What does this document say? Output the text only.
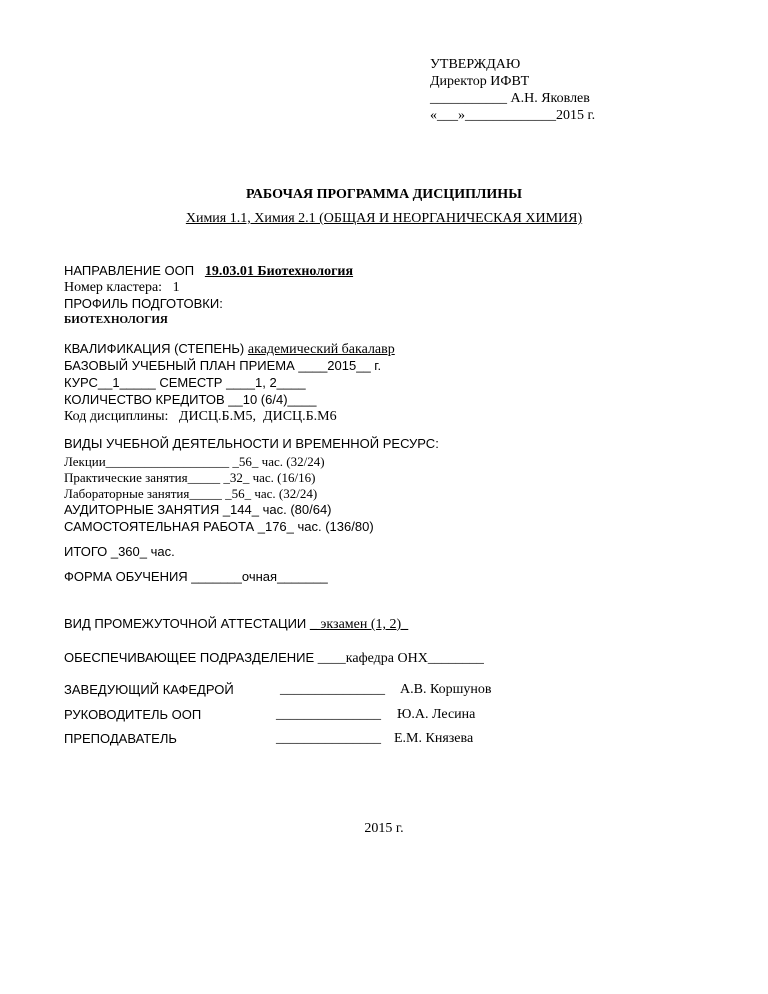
УТВЕРЖДАЮ
Директор ИФВТ
___________ А.Н. Яковлев
«___»_____________2015 г.
РАБОЧАЯ ПРОГРАММА ДИСЦИПЛИНЫ
Химия 1.1, Химия 2.1 (ОБЩАЯ И НЕОРГАНИЧЕСКАЯ ХИМИЯ)
НАПРАВЛЕНИЕ ООП 19.03.01 Биотехнология
Номер кластера:   1
ПРОФИЛЬ ПОДГОТОВКИ:
БИОТЕХНОЛОГИЯ
КВАЛИФИКАЦИЯ (СТЕПЕНЬ) академический бакалавр
БАЗОВЫЙ УЧЕБНЫЙ ПЛАН ПРИЕМА ____2015__ г.
КУРС__1_____ СЕМЕСТР ____1, 2____
КОЛИЧЕСТВО КРЕДИТОВ __10 (6/4)____
Код дисциплины:   ДИСЦ.Б.М5,  ДИСЦ.Б.М6
ВИДЫ УЧЕБНОЙ ДЕЯТЕЛЬНОСТИ И ВРЕМЕННОЙ РЕСУРС:
Лекции___________________ _56_ час. (32/24)
Практические занятия_____ _32_ час. (16/16)
Лабораторные занятия_____ _56_ час. (32/24)
АУДИТОРНЫЕ ЗАНЯТИЯ _144_ час. (80/64)
САМОСТОЯТЕЛЬНАЯ РАБОТА _176_ час. (136/80)
ИТОГО _360_ час.
ФОРМА ОБУЧЕНИЯ _______очная_______
ВИД ПРОМЕЖУТОЧНОЙ АТТЕСТАЦИИ _ экзамен (1, 2)_
ОБЕСПЕЧИВАЮЩЕЕ ПОДРАЗДЕЛЕНИЕ ____кафедра ОНХ________
ЗАВЕДУЮЩИЙ КАФЕДРОЙ	_______________ А.В. Коршунов
РУКОВОДИТЕЛЬ ООП	_______________ Ю.А. Лесина
ПРЕПОДАВАТЕЛЬ	_______________ Е.М. Князева
2015 г.
